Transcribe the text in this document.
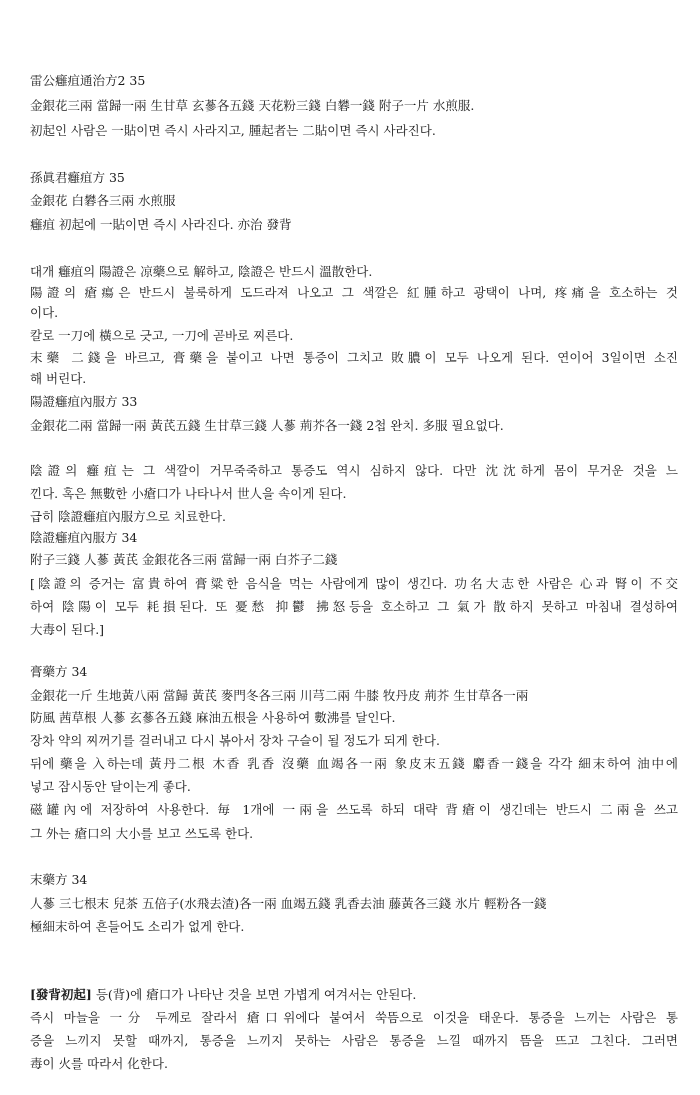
雷公癰疽通治方2 35
金銀花三兩 當歸一兩 生甘草 玄蔘各五錢 天花粉三錢 白礬一錢 附子一片 水煎服.
初起인 사람은 一貼이면 즉시 사라지고, 腫起者는 二貼이면 즉시 사라진다.
孫眞君癰疽方 35
金銀花 白礬各三兩 水煎服
癰疽 初起에 一貼이면 즉시 사라진다. 亦治 發背
대개 癰疽의 陽證은 凉藥으로 解하고, 陰證은 반드시 溫散한다.
陽證의 瘡瘍은 반드시 불룩하게 도드라져 나오고 그 색깔은 紅腫하고 광택이 나며, 疼痛을 호소하는 것
이다.
칼로 一刀에 橫으로 긋고, 一刀에 곧바로 찌른다.
末藥 二錢을 바르고, 膏藥을 붙이고 나면 통증이 그치고 敗膿이 모두 나오게 된다. 연이어 3일이면 소진
해 버린다.
陽證癰疽內服方 33
金銀花二兩 當歸一兩 黃芪五錢 生甘草三錢 人蔘 荊芥各一錢 2첩 완치. 多服 필요없다.
陰證의 癰疽는 그 색깔이 거무죽죽하고 통증도 역시 심하지 않다. 다만 沈沈하게 몸이 무거운 것을 느
낀다. 혹은 無數한 小瘡口가 나타나서 世人을 속이게 된다.
급히 陰證癰疽內服方으로 치료한다.
陰證癰疽內服方 34
附子三錢 人蔘 黃芪 金銀花各三兩 當歸一兩 白芥子二錢
[陰證의 증거는 富貴하여 膏粱한 음식을 먹는 사람에게 많이 생긴다. 功名大志한 사람은 心과 腎이 不交
하여 陰陽이 모두 耗損된다. 또 憂愁 抑鬱 拂怒등을 호소하고 그 氣가 散하지 못하고 마침내 결성하여
大毒이 된다.]
膏藥方 34
金銀花一斤 生地黃八兩 當歸 黃芪 麥門冬各三兩 川芎二兩 牛膝 牧丹皮 荊芥 生甘草各一兩
防風 茜草根 人蔘 玄蔘各五錢 麻油五根을 사용하여 數沸를 달인다.
장차 약의 찌꺼기를 걸러내고 다시 볶아서 장차 구슬이 될 정도가 되게 한다.
뒤에 藥을 入하는데 黃丹二根 木香 乳香 沒藥 血竭各一兩 象皮末五錢 麝香一錢을 각각 細末하여 油中에
넣고 잠시동안 달이는게 좋다.
磁罐內에 저장하여 사용한다. 毎 1개에 一兩을 쓰도록 하되 대략 背瘡이 생긴데는 반드시 二兩을 쓰고
그 外는 瘡口의 大小를 보고 쓰도록 한다.
末藥方 34
人蔘 三七根末 兒茶 五倍子(水飛去渣)各一兩 血竭五錢 乳香去油 藤黃各三錢 氷片 輕粉各一錢
極細末하여 흔들어도 소리가 없게 한다.
[發背初起] 등(背)에 瘡口가 나타난 것을 보면 가볍게 여겨서는 안된다.
즉시 마늘을 一分 두께로 잘라서 瘡口위에다 붙여서 쑥뜸으로 이것을 태운다. 통증을 느끼는 사람은 통
증을 느끼지 못할 때까지, 통증을 느끼지 못하는 사람은 통증을 느낄 때까지 뜸을 뜨고 그친다. 그러면
毒이 火를 따라서 化한다.
